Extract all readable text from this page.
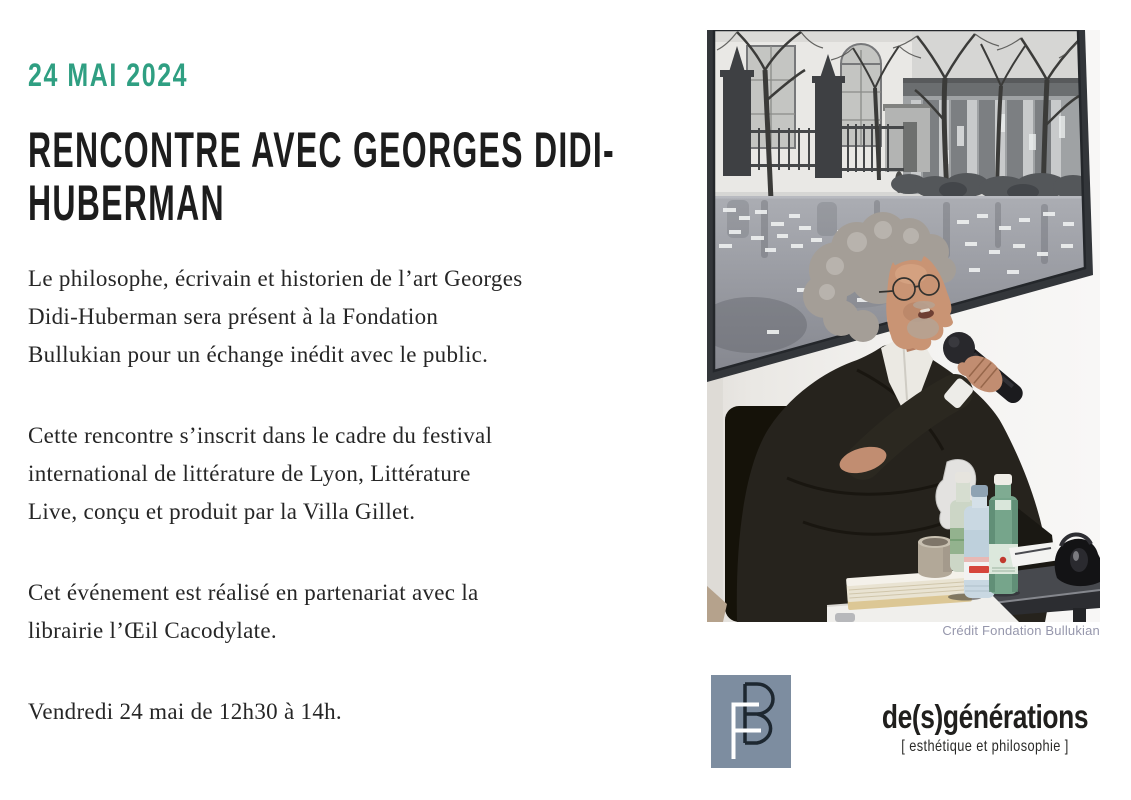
24 MAI 2024
RENCONTRE AVEC GEORGES DIDI-
HUBERMAN
Le philosophe, écrivain et historien de l’art Georges
Didi-Huberman sera présent à la Fondation
Bullukian pour un échange inédit avec le public.
Cette rencontre s’inscrit dans le cadre du festival
international de littérature de Lyon, Littérature
Live, conçu et produit par la Villa Gillet.
Cet événement est réalisé en partenariat avec la
librairie l’Œil Cacodylate.
Vendredi 24 mai de 12h30 à 14h.
Crédit Fondation Bullukian
de(s)générations
[ esthétique et philosophie ]
